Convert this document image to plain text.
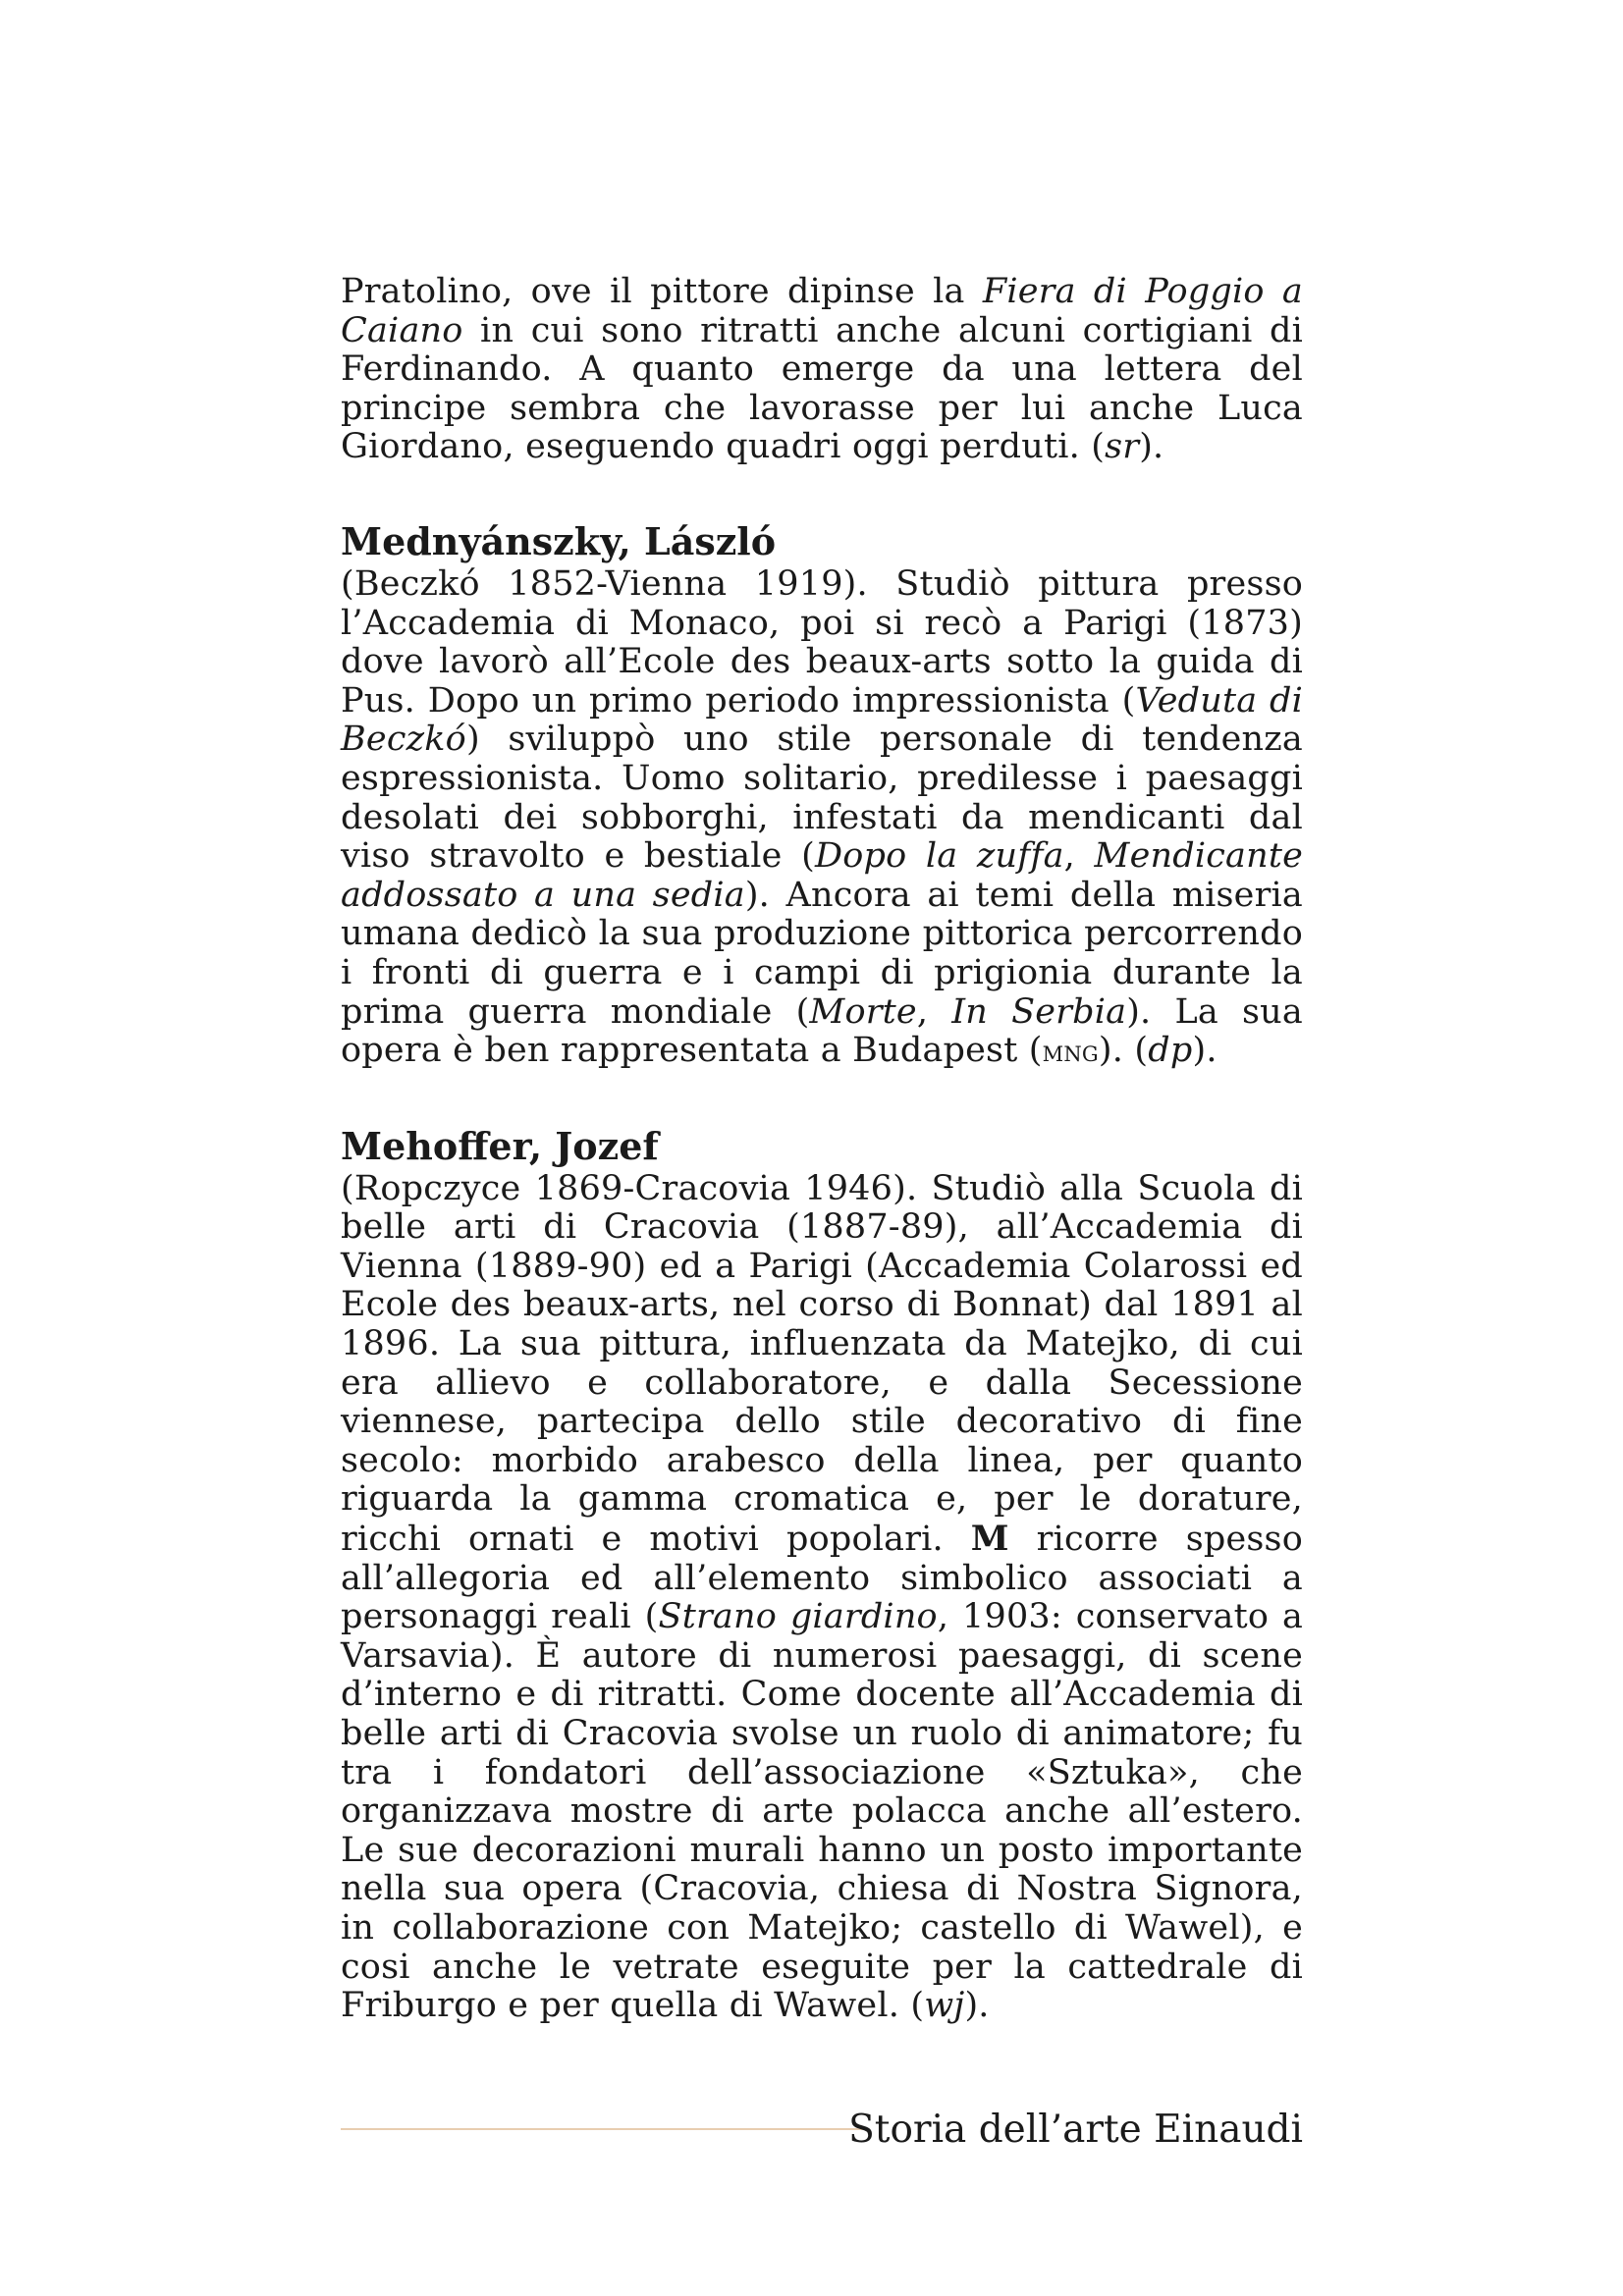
Pratolino, ove il pittore dipinse la Fiera di Poggio a Caiano in cui sono ritratti anche alcuni cortigiani di Ferdinando. A quanto emerge da una lettera del principe sembra che lavorasse per lui anche Luca Giordano, eseguendo quadri oggi perduti. (sr).

Mednyánszky, László

(Beczkó 1852-Vienna 1919). Studiò pittura presso l’Accademia di Monaco, poi si recò a Parigi (1873) dove lavorò all’Ecole des beaux-arts sotto la guida di Pus. Dopo un primo periodo impressionista (Veduta di Beczkó) sviluppò uno stile personale di tendenza espressionista. Uomo solitario, predilesse i paesaggi desolati dei sobborghi, infestati da mendicanti dal viso stravolto e bestiale (Dopo la zuffa, Mendicante addossato a una sedia). Ancora ai temi della miseria umana dedicò la sua produzione pittorica percorrendo i fronti di guerra e i campi di prigionia durante la prima guerra mondiale (Morte, In Serbia). La sua opera è ben rappresentata a Budapest (mng). (dp).

Mehoffer, Jozef

(Ropczyce 1869-Cracovia 1946). Studiò alla Scuola di belle arti di Cracovia (1887-89), all’Accademia di Vienna (1889-90) ed a Parigi (Accademia Colarossi ed Ecole des beaux-arts, nel corso di Bonnat) dal 1891 al 1896. La sua pittura, influenzata da Matejko, di cui era allievo e collaboratore, e dalla Secessione viennese, partecipa dello stile decorativo di fine secolo: morbido arabesco della linea, per quanto riguarda la gamma cromatica e, per le dorature, ricchi ornati e motivi popolari. M ricorre spesso all’allegoria ed all’elemento simbolico associati a personaggi reali (Strano giardino, 1903: conservato a Varsavia). È autore di numerosi paesaggi, di scene d’interno e di ritratti. Come docente all’Accademia di belle arti di Cracovia svolse un ruolo di animatore; fu tra i fondatori dell’associazione «Sztuka», che organizzava mostre di arte polacca anche all’estero. Le sue decorazioni murali hanno un posto importante nella sua opera (Cracovia, chiesa di Nostra Signora, in collaborazione con Matejko; castello di Wawel), e cosi anche le vetrate eseguite per la cattedrale di Friburgo e per quella di Wawel. (wj).

Storia dell’arte Einaudi
